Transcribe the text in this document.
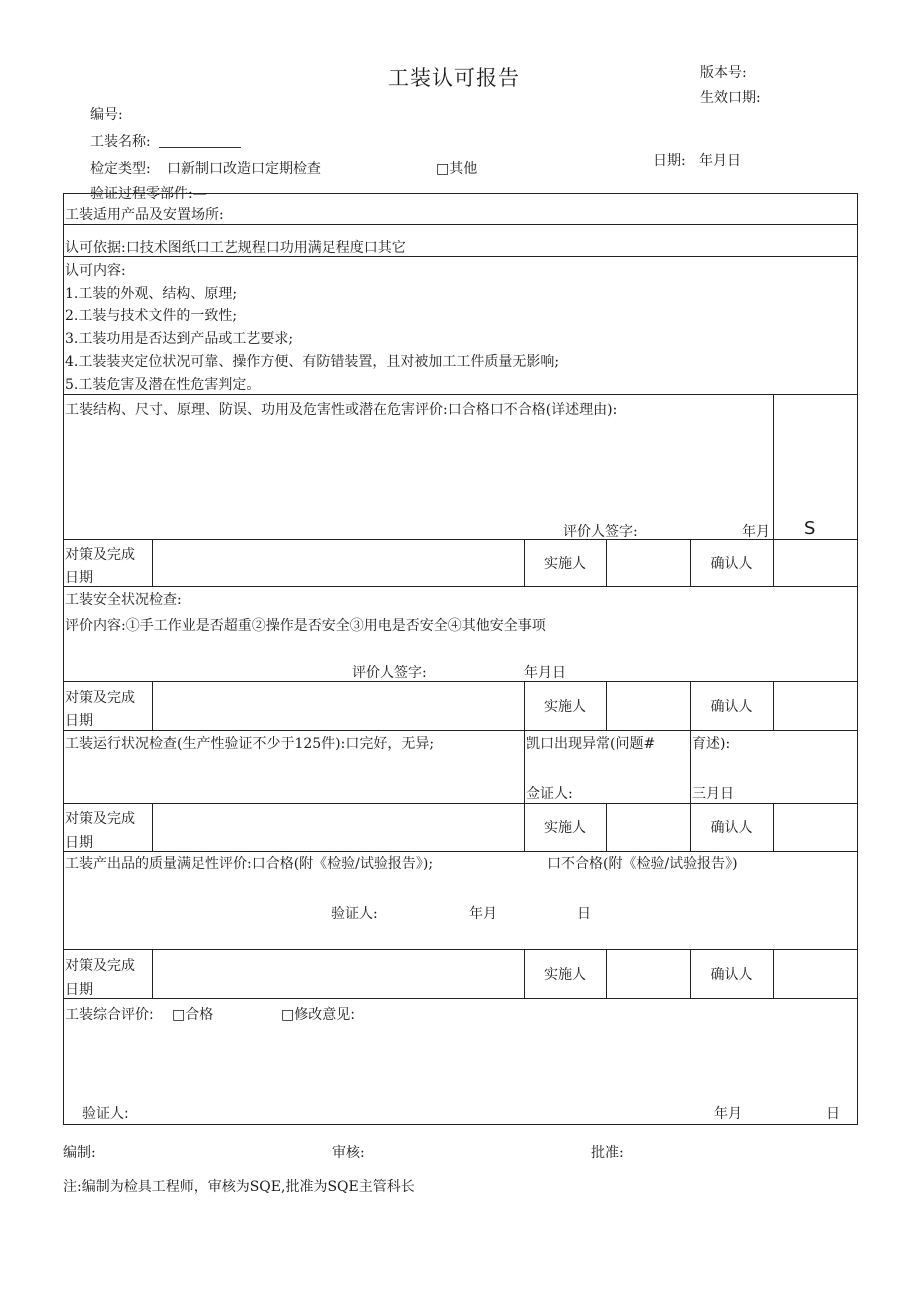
工装认可报告	版本号:
生效口期:
编号:
工装名称:
检定类型: 口新制口改造口定期检查	□其他	日期: 年月日
验证过程零部件:—
工装适用产品及安置场所:
认可依据:口技术图纸口工艺规程口功用满足程度口其它
认可内容:
1.工装的外观、结构、原理;
2.工装与技术文件的一致性;
3.工装功用是否达到产品或工艺要求;
4.工装装夹定位状况可靠、操作方便、有防错装置，且对被加工工件质量无影响;
5.工装危害及潜在性危害判定。
工装结构、尺寸、原理、防误、功用及危害性或潜在危害评价:口合格口不合格(详述理由):
评价人签字:	年月 S
对策及完成
日期
实施人	确认人
工装安全状况检查:
评价内容:①手工作业是否超重②操作是否安全③用电是否安全④其他安全事项
评价人签字:	年月日
对策及完成
日期
实施人	确认人
工装运行状况检查(生产性验证不少于125件):口完好，无异;	凯口出现异常(问题#	育述):
佥证人:	三月日
对策及完成
日期
实施人	确认人
工装产出品的质量满足性评价:口合格(附《检验/试验报告》);	口不合格(附《检验/试验报告》)
验证人:	年月	日
对策及完成
日期
实施人	确认人
工装综合评价: □合格	□修改意见:
验证人:	年月	日
编制:	审核:	批准:
注:编制为检具工程师，审核为SQE,批准为SQE主管科长
